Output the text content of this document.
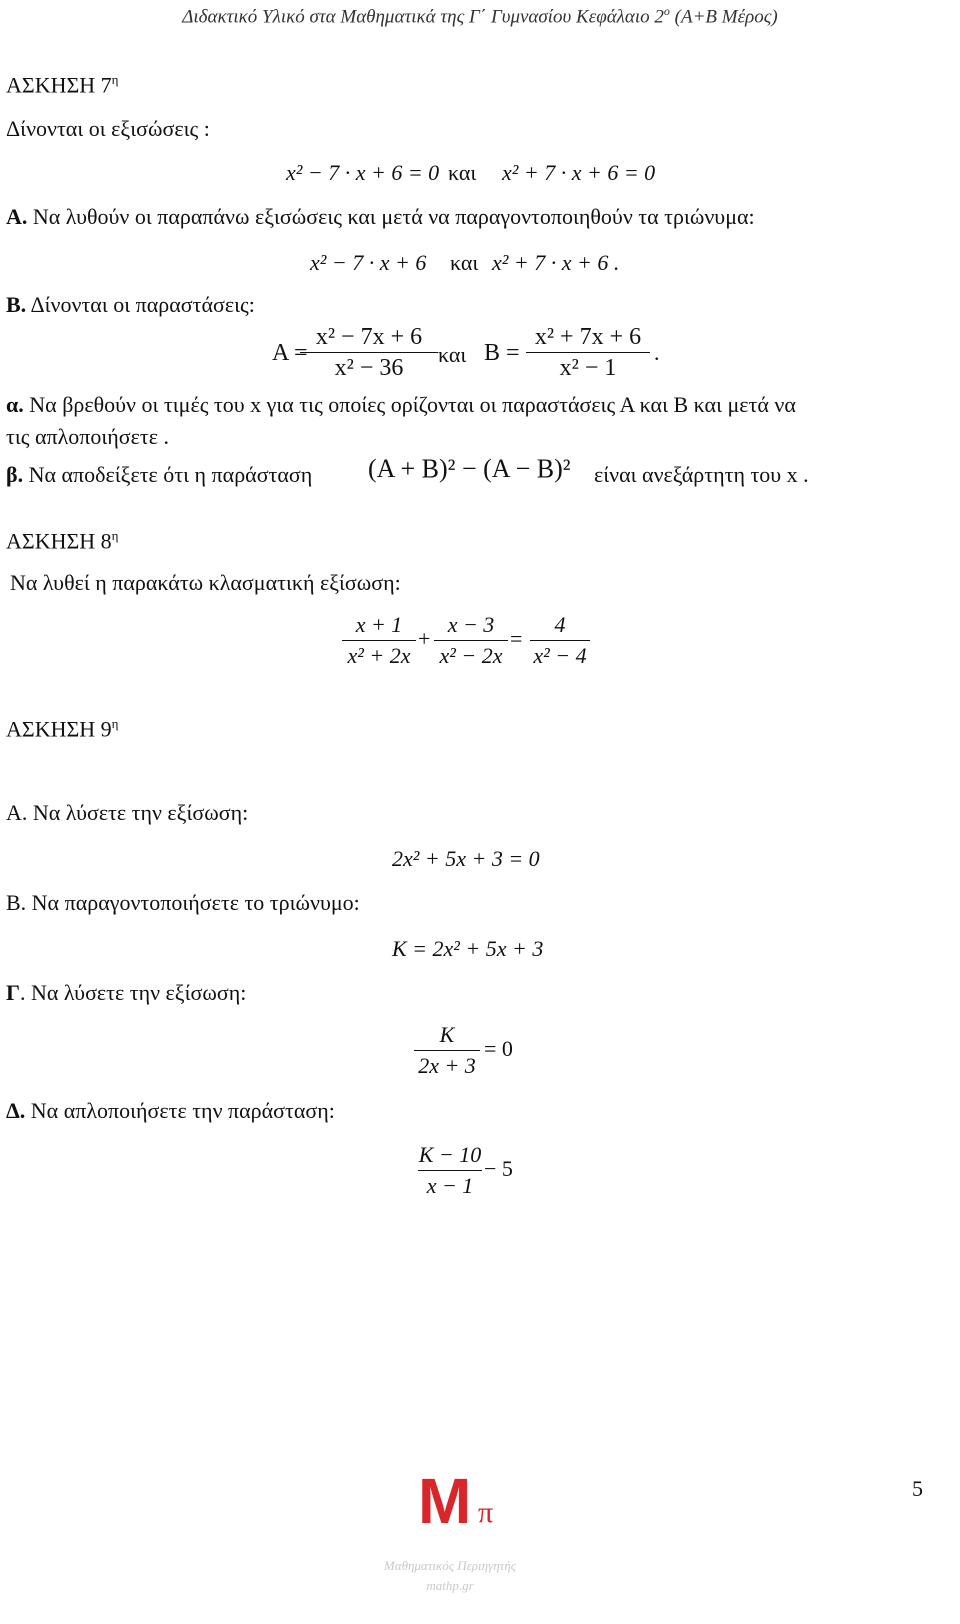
Διδακτικό Υλικό στα Μαθηματικά της Γ΄ Γυμνασίου Κεφάλαιο $2^o$ (Α+Β Μέρος)
ΑΣΚΗΣΗ $7^\eta$
Δίνονται οι εξισώσεις :
x² − 7 · x + 6 = 0 και x² + 7 · x + 6 = 0
Α. Να λυθούν οι παραπάνω εξισώσεις και μετά να παραγοντοποιηθούν τα τριώνυμα:
x² − 7 · x + 6 και x² + 7 · x + 6 .
Β. Δίνονται οι παραστάσεις:
Α =
$\frac{\text{x² − 7x + 6}}{\text{x² − 36}}$ και $B = \frac{\text{x² + 7x + 6}}{\text{x² − 1}}$ .
α. Να βρεθούν οι τιμές του x για τις οποίες ορίζονται οι παραστάσεις Α και Β και μετά να
τις απλοποιήσετε .
β. Να αποδείξετε ότι η παράσταση (Α + Β)² − (Α − Β)² είναι ανεξάρτητη του x .
ΑΣΚΗΣΗ $8^\eta$
Να λυθεί η παρακάτω κλασματική εξίσωση:
$\frac{x + 1}{\text{x² + 2x}} + \frac{x - 3}{\text{x² − 2x}} = \frac{4}{\text{x² − 4}}$
ΑΣΚΗΣΗ $9^\eta$
Α. Να λύσετε την εξίσωση:
2x² + 5x + 3 = 0
Β. Να παραγοντοποιήσετε το τριώνυμο:
Κ = 2x² + 5x + 3
Γ. Να λύσετε την εξίσωση:
$\frac{K}{2x + 3} = 0$
Δ. Να απλοποιήσετε την παράσταση:
$\frac{K - 10}{x - 1} - 5$
5
Μ π
Μαθηματικός Περιηγητής
mathp.gr
